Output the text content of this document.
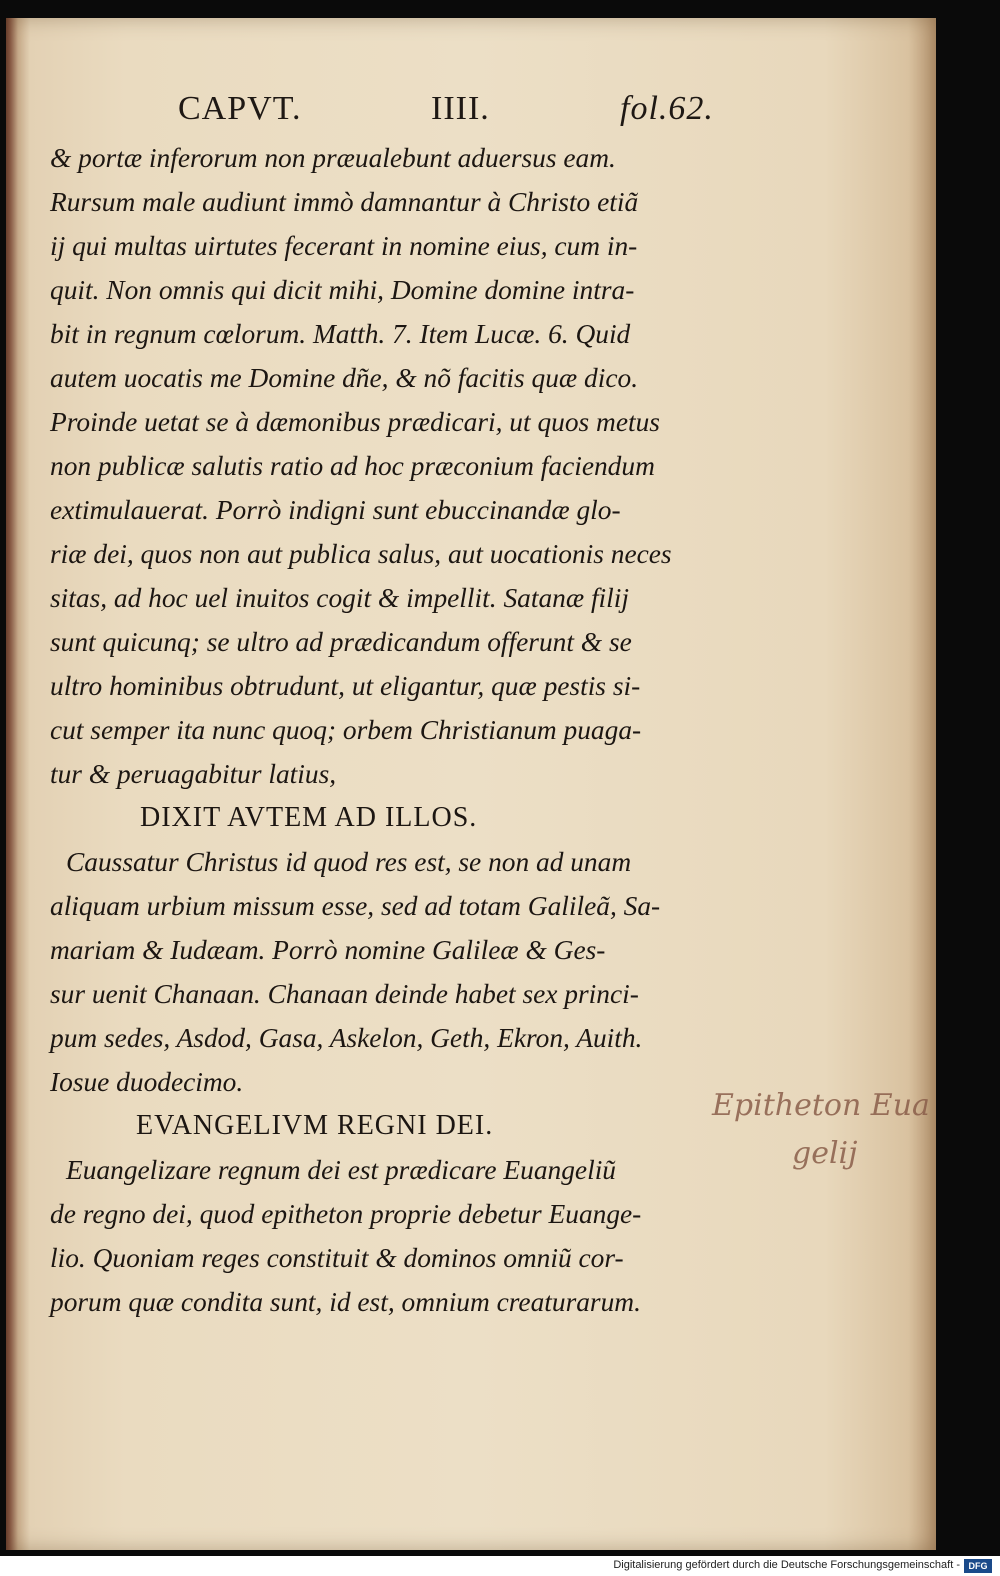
CAPVT.	IIII.	fol.62.
& portæ inferorum non præualebunt aduersus eam.
Rursum male audiunt immò damnantur à Christo etiã
ij qui multas uirtutes fecerant in nomine eius, cum in-
quit. Non omnis qui dicit mihi, Domine domine intra-
bit in regnum cœlorum. Matth. 7. Item Lucæ. 6. Quid
autem uocatis me Domine dñe, & nõ facitis quæ dico.
Proinde uetat se à dæmonibus prædicari, ut quos metus
non publicæ salutis ratio ad hoc præconium faciendum
extimulauerat. Porrò indigni sunt ebuccinandæ glo-
riæ dei, quos non aut publica salus, aut uocationis neces
sitas, ad hoc uel inuitos cogit & impellit. Satanæ filij
sunt quicunq; se ultro ad prædicandum offerunt & se
ultro hominibus obtrudunt, ut eligantur, quæ pestis si-
cut semper ita nunc quoq; orbem Christianum puaga-
tur & peruagabitur latius,
DIXIT AVTEM AD ILLOS.
Caussatur Christus id quod res est, se non ad unam
aliquam urbium missum esse, sed ad totam Galileã, Sa-
mariam & Iudæam. Porrò nomine Galileæ & Ges-
sur uenit Chanaan. Chanaan deinde habet sex princi-
pum sedes, Asdod, Gasa, Askelon, Geth, Ekron, Auith.
Iosue duodecimo.
EVANGELIVM REGNI DEI.
Euangelizare regnum dei est prædicare Euangeliũ
de regno dei, quod epitheton proprie debetur Euange-
lio. Quoniam reges constituit & dominos omniũ cor-
porum quæ condita sunt, id est, omnium creaturarum.
Epitheton Eua
gelij
Digitalisierung gefördert durch die Deutsche Forschungsgemeinschaft - DFG
